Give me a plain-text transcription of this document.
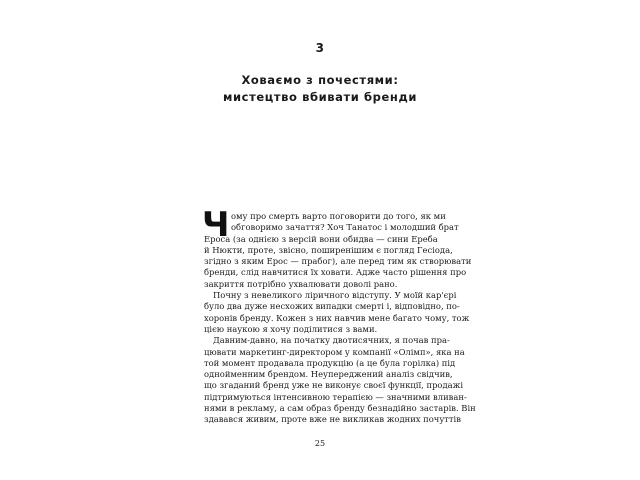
3
Ховаємо з почестями:
мистецтво вбивати бренди
Ч ому про смерть варто поговорити до того, як ми
обговоримо зачаття? Хоч Танатос і молодший брат
Ероса (за однією з версій вони обидва — сини Ереба
й Нюкти, проте, звісно, поширенішим є погляд Гесіода,
згідно з яким Ерос — прабог), але перед тим як створювати
бренди, слід навчитися їх ховати. Адже часто рішення про
закриття потрібно ухвалювати доволі рано.
Почну з невеликого ліричного відступу. У моїй кар'єрі
було два дуже несхожих випадки смерті і, відповідно, по-
хоронів бренду. Кожен з них навчив мене багато чому, тож
цією наукою я хочу поділитися з вами.
Давним-давно, на початку двотисячних, я почав пра-
цювати маркетинг-директором у компанії «Олімп», яка на
той момент продавала продукцію (а це була горілка) під
однойменним брендом. Неупереджений аналіз свідчив,
що згаданий бренд уже не виконує своєї функції, продажі
підтримуються інтенсивною терапією — значними вливан-
нями в рекламу, а сам образ бренду безнадійно застарів. Він
здавався живим, проте вже не викликав жодних почуттів
25
